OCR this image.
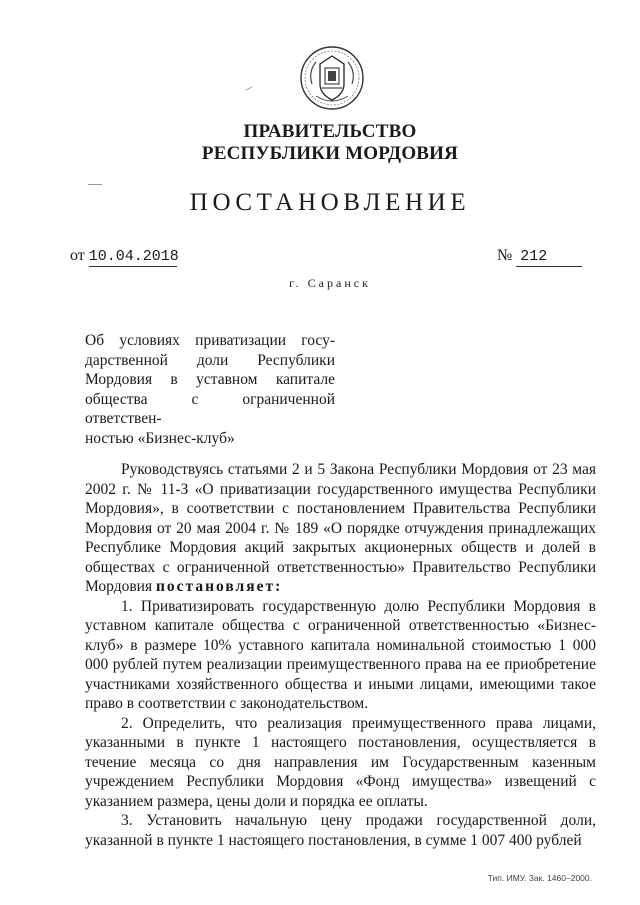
ПРАВИТЕЛЬСТВО
РЕСПУБЛИКИ МОРДОВИЯ
ПОСТАНОВЛЕНИЕ
от 10.04.2018	№ 212
г. Саранск

Об условиях приватизации госу-

дарственной доли Республики

Мордовия в уставном капитале

общества с ограниченной ответствен-

ностью «Бизнес-клуб»

Руководствуясь статьями 2 и 5 Закона Республики Мордовия от 23 мая 2002 г. № 11-З «О приватизации государственного имущества Республики Мордовия», в соответствии с постановлением Правительства Республики Мордовия от 20 мая 2004 г. № 189 «О порядке отчуждения принадлежащих Республике Мордовия акций закрытых акционерных обществ и долей в обществах с ограниченной ответственностью» Правительство Республики Мордовия постановляет:

1. Приватизировать государственную долю Республики Мордовия в уставном капитале общества с ограниченной ответственностью «Бизнес-клуб» в размере 10% уставного капитала номинальной стоимостью 1 000 000 рублей путем реализации преимущественного права на ее приобретение участниками хозяйственного общества и иными лицами, имеющими такое право в соответствии с законодательством.

2. Определить, что реализация преимущественного права лицами, указанными в пункте 1 настоящего постановления, осуществляется в течение месяца со дня направления им Государственным казенным учреждением Республики Мордовия «Фонд имущества» извещений с указанием размера, цены доли и порядка ее оплаты.

3. Установить начальную цену продажи государственной доли, указанной в пункте 1 настоящего постановления, в сумме 1 007 400 рублей

Тип. ИМУ. Зак. 1460–2000.
